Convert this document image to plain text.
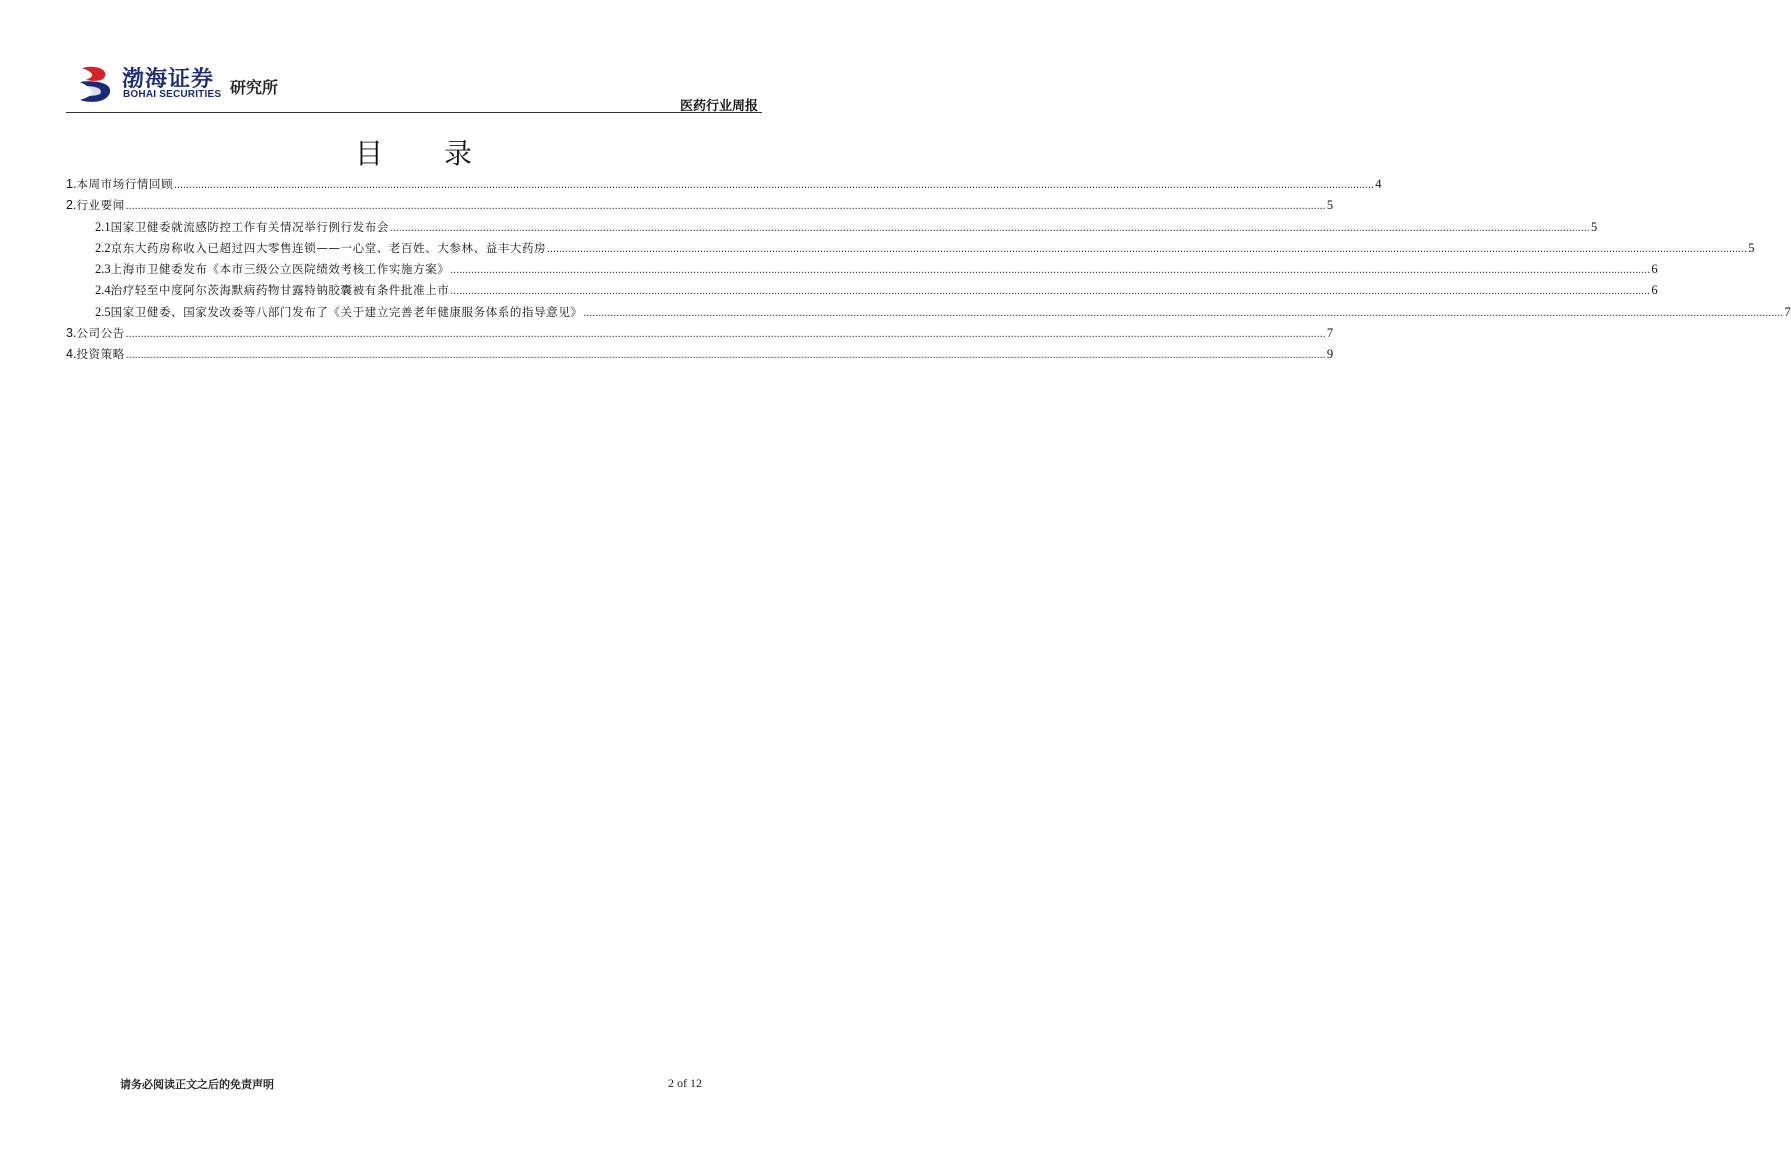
渤海证券
BOHAI SECURITIES 研究所
医药行业周报
目 录
1. 本周市场行情回顾 ................................................................................................................................................................................................................................................................................................................................................................................................................ 4
2. 行业要闻 ................................................................................................................................................................................................................................................................................................................................................................................................................ 5
2.1 国家卫健委就流感防控工作有关情况举行例行发布会 ................................................................................................................................................................................................................................................................................................................................................................................................................ 5
2.2 京东大药房称收入已超过四大零售连锁——一心堂、老百姓、大参林、益丰大药房 ................................................................................................................................................................................................................................................................................................................................................................................................................ 5
2.3 上海市卫健委发布《本市三级公立医院绩效考核工作实施方案》 ................................................................................................................................................................................................................................................................................................................................................................................................................ 6
2.4 治疗轻至中度阿尔茨海默病药物甘露特钠胶囊被有条件批准上市 ................................................................................................................................................................................................................................................................................................................................................................................................................ 6
2.5 国家卫健委、国家发改委等八部门发布了《关于建立完善老年健康服务体系的指导意见》 ................................................................................................................................................................................................................................................................................................................................................................................................................ 7
3. 公司公告 ................................................................................................................................................................................................................................................................................................................................................................................................................ 7
4. 投资策略 ................................................................................................................................................................................................................................................................................................................................................................................................................ 9
请务必阅读正文之后的免责声明	2 of 12
